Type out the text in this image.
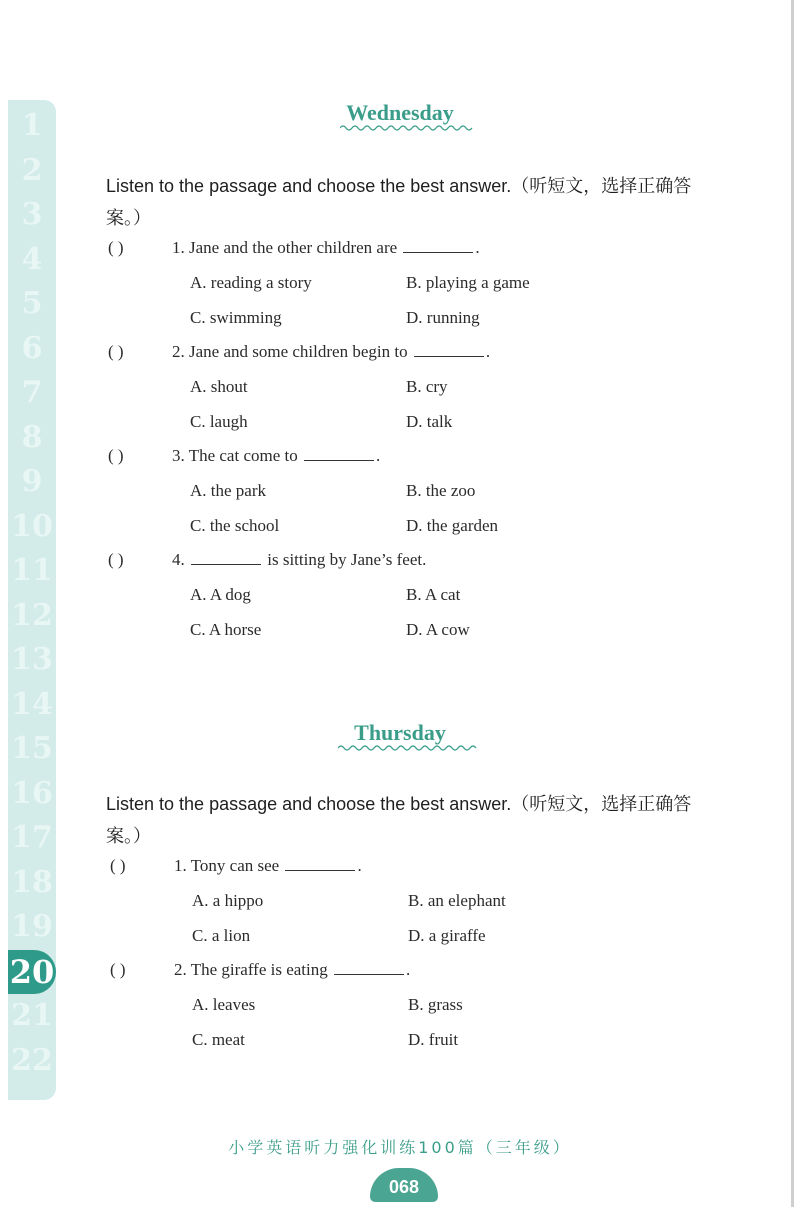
1
2
3
4
5
6
7
8
9
10
11
12
13
14
15
16
17
18
19
20
21
22
Wednesday
Listen to the passage and choose the best answer.（听短文，选择正确答案。）
( )	1. Jane and the other children are	.
A. reading a story	B. playing a game
C. swimming	D. running
( )	2. Jane and some children begin to	.
A. shout	B. cry
C. laugh	D. talk
( )	3. The cat come to	.
A. the park	B. the zoo
C. the school	D. the garden
( )	4.	is sitting by Jane’s feet.
A. A dog	B. A cat
C. A horse	D. A cow
Thursday
Listen to the passage and choose the best answer.（听短文，选择正确答案。）
( )	1. Tony can see	.
A. a hippo	B. an elephant
C. a lion	D. a giraffe
( )	2. The giraffe is eating	.
A. leaves	B. grass
C. meat	D. fruit
小学英语听力强化训练100篇（三年级）
068
